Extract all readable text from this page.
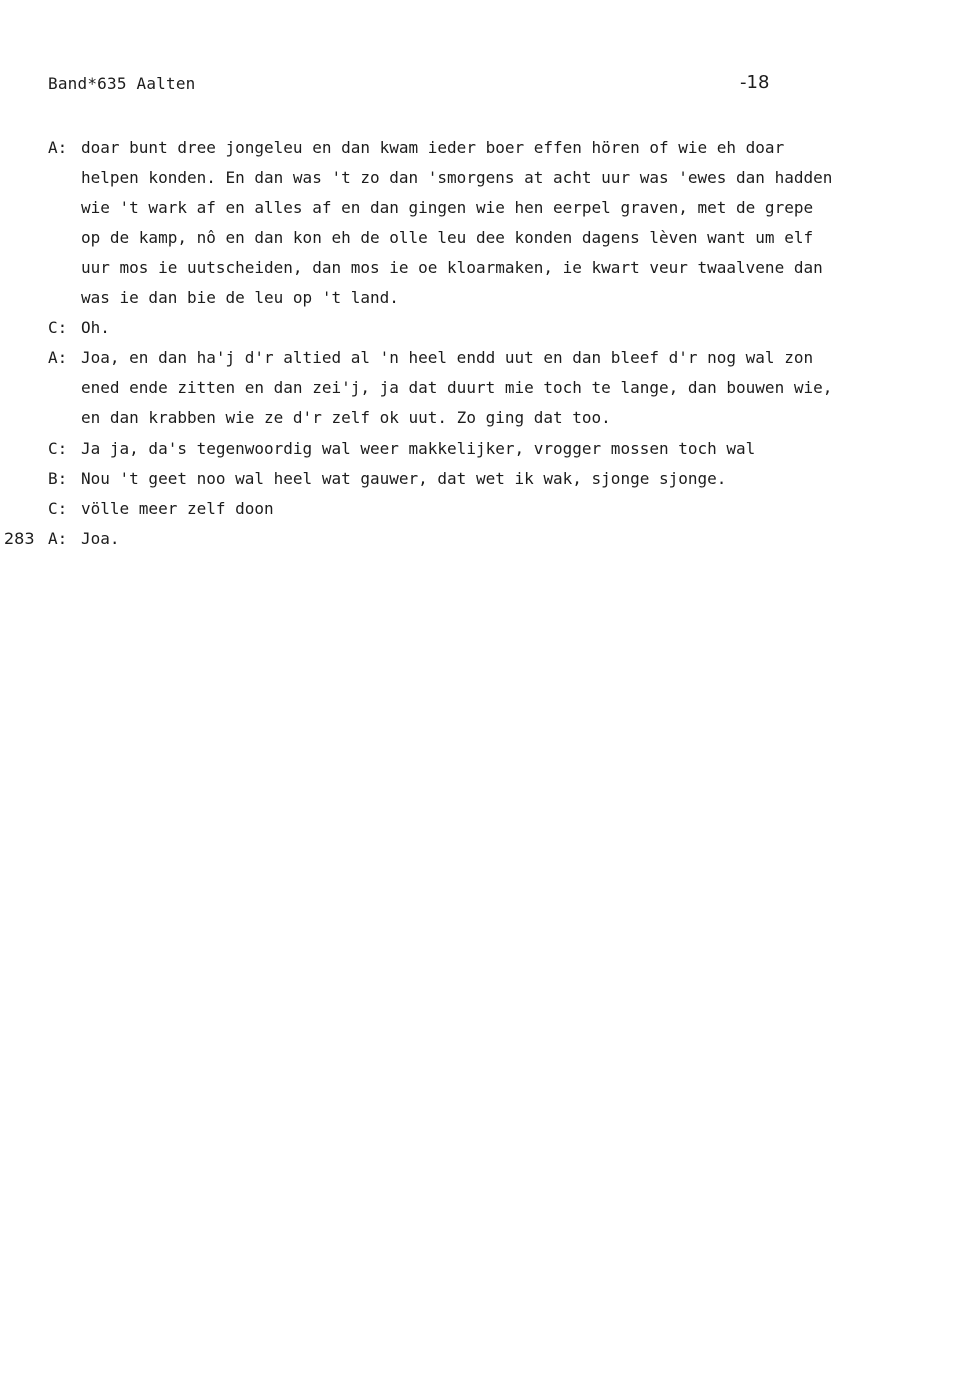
Band*635 Aalten	-18
A: doar bunt dree jongeleu en dan kwam ieder boer effen hören of wie eh doar
helpen konden. En dan was 't zo dan 'smorgens at acht uur was 'ewes dan hadden
wie 't wark af en alles af en dan gingen wie hen eerpel graven, met de grepe
op de kamp, nô en dan kon eh de olle leu dee konden dagens lèven want um elf
uur mos ie uutscheiden, dan mos ie oe kloarmaken, ie kwart veur twaalvene dan
was ie dan bie de leu op 't land.
C: Oh.
A: Joa, en dan ha'j d'r altied al 'n heel endd uut en dan bleef d'r nog wal zon
ened ende zitten en dan zei'j, ja dat duurt mie toch te lange, dan bouwen wie,
en dan krabben wie ze d'r zelf ok uut. Zo ging dat too.
C: Ja ja, da's tegenwoordig wal weer makkelijker, vrogger mossen toch wal
B: Nou 't geet noo wal heel wat gauwer, dat wet ik wak, sjonge sjonge.
C: völle meer zelf doon
283 A: Joa.
